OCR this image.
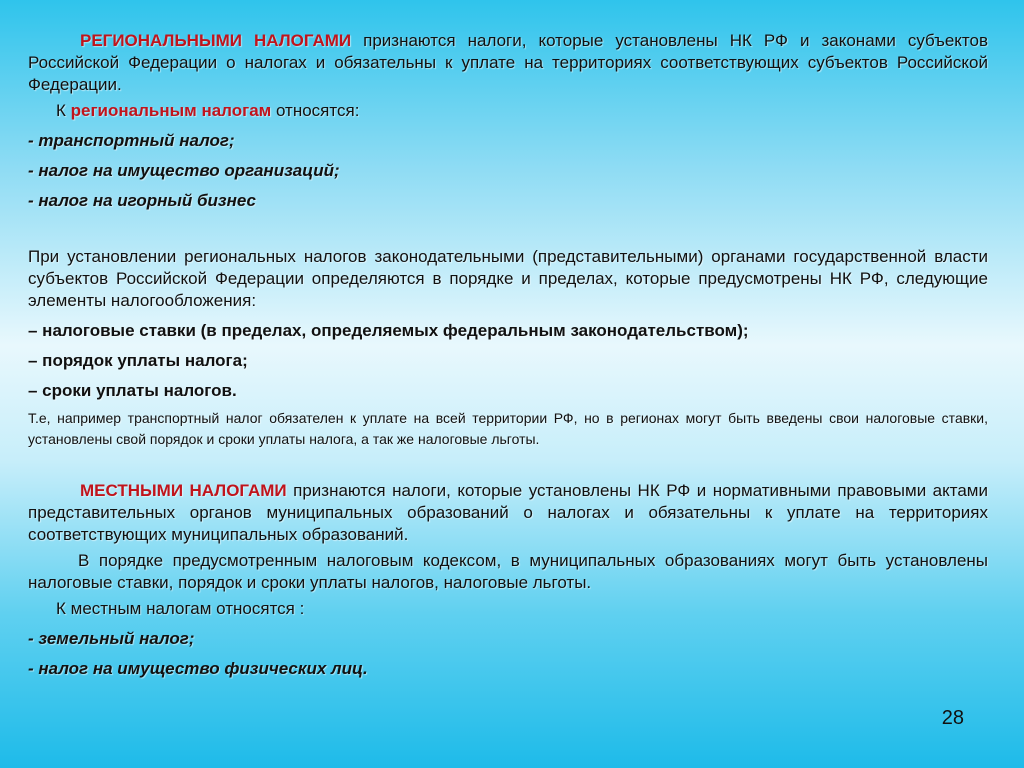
РЕГИОНАЛЬНЫМИ НАЛОГАМИ признаются налоги, которые установлены НК РФ и законами субъектов Российской Федерации о налогах и обязательны к уплате на территориях соответствующих субъектов Российской Федерации.

К региональным налогам относятся:

- транспортный налог;

- налог на имущество организаций;

- налог на игорный бизнес

При установлении региональных налогов законодательными (представительными) органами государственной власти субъектов Российской Федерации определяются в порядке и пределах, которые предусмотрены НК РФ, следующие элементы налогообложения:

– налоговые ставки (в пределах, определяемых федеральным законодательством);

– порядок уплаты налога;

– сроки уплаты налогов.

Т.е, например транспортный налог обязателен к уплате на всей территории РФ, но в регионах могут быть введены свои налоговые ставки, установлены свой порядок и сроки уплаты налога, а так же налоговые льготы.

МЕСТНЫМИ НАЛОГАМИ признаются налоги, которые установлены НК РФ и нормативными правовыми актами представительных органов муниципальных образований о налогах и обязательны к уплате на территориях соответствующих муниципальных образований.

В порядке предусмотренным налоговым кодексом, в муниципальных образованиях могут быть установлены налоговые ставки, порядок и сроки уплаты налогов, налоговые льготы.

К местным налогам относятся :

- земельный налог;

- налог на имущество физических лиц.

28
